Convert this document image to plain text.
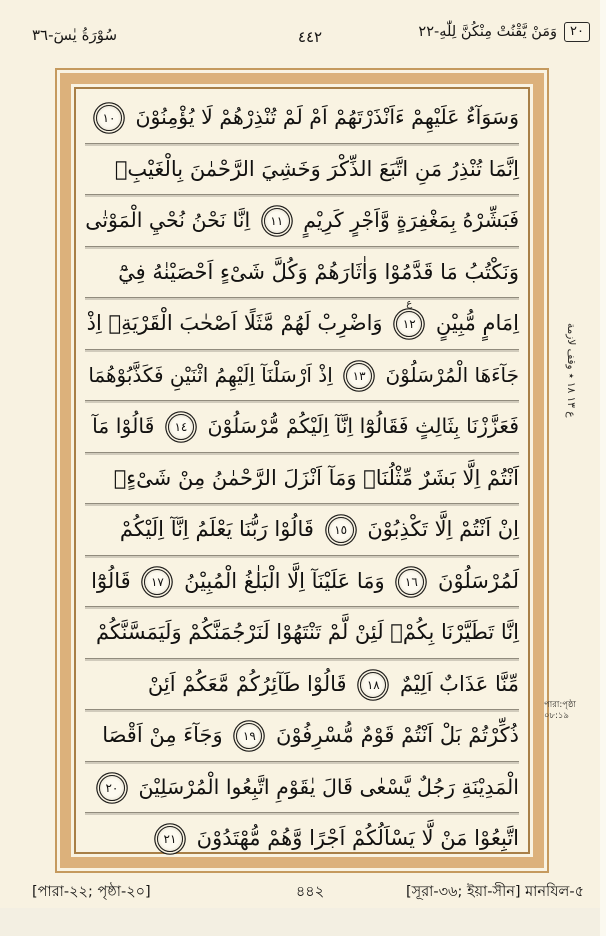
سُوْرَةُ يٰسٓ-٣٦	٤٤٢	وَمَنْ يَّقْنُتْ مِنْكُنَّ لِلّٰهِ-٢٢	٢٠
وَسَوَآءٌ عَلَيْهِمْ ءَاَنْذَرْتَهُمْ اَمْ لَمْ تُنْذِرْهُمْ لَا يُؤْمِنُوْنَ ١٠
اِنَّمَا تُنْذِرُ مَنِ اتَّبَعَ الذِّكْرَ وَخَشِيَ الرَّحْمٰنَ بِالْغَيْبِۚ
فَبَشِّرْهُ بِمَغْفِرَةٍ وَّاَجْرٍ كَرِيْمٍ ١١ اِنَّا نَحْنُ نُحْيِ الْمَوْتٰى
وَنَكْتُبُ مَا قَدَّمُوْا وَاٰثَارَهُمْ وَكُلَّ شَىْءٍ اَحْصَيْنٰهُ فِيْٓ
اِمَامٍ مُّبِيْنٍ ١٢
ع
وَاضْرِبْ لَهُمْ مَّثَلًا اَصْحٰبَ الْقَرْيَةِۘ اِذْ
جَآءَهَا الْمُرْسَلُوْنَ ١٣ اِذْ اَرْسَلْنَآ اِلَيْهِمُ اثْنَيْنِ فَكَذَّبُوْهُمَا
فَعَزَّزْنَا بِثَالِثٍ فَقَالُوْٓا اِنَّآ اِلَيْكُمْ مُّرْسَلُوْنَ ١٤ قَالُوْا مَآ
اَنْتُمْ اِلَّا بَشَرٌ مِّثْلُنَاۙ وَمَآ اَنْزَلَ الرَّحْمٰنُ مِنْ شَىْءٍۙ
اِنْ اَنْتُمْ اِلَّا تَكْذِبُوْنَ ١٥ قَالُوْا رَبُّنَا يَعْلَمُ اِنَّآ اِلَيْكُمْ
لَمُرْسَلُوْنَ ١٦ وَمَا عَلَيْنَآ اِلَّا الْبَلٰغُ الْمُبِيْنُ ١٧ قَالُوْٓا
اِنَّا تَطَيَّرْنَا بِكُمْۚ لَئِنْ لَّمْ تَنْتَهُوْا لَنَرْجُمَنَّكُمْ وَلَيَمَسَّنَّكُمْ
مِّنَّا عَذَابٌ اَلِيْمٌ ١٨ قَالُوْا طَآئِرُكُمْ مَّعَكُمْ اَئِنْ
ذُكِّرْتُمْ بَلْ اَنْتُمْ قَوْمٌ مُّسْرِفُوْنَ ١٩ وَجَآءَ مِنْ اَقْصَا
الْمَدِيْنَةِ رَجُلٌ يَّسْعٰى قَالَ يٰقَوْمِ اتَّبِعُوا الْمُرْسَلِيْنَ ٢٠
اتَّبِعُوْا مَنْ لَّا يَسْاَلُكُمْ اَجْرًا وَّهُمْ مُّهْتَدُوْنَ ٢١
ع ١٣ ١٨ ٭ وقف لازمة
পারা:পৃষ্ঠা
০৮:১৯
[পারা-২২; পৃষ্ঠা-২০]	৪৪২	[সূরা-৩৬; ইয়া-সীন] মানযিল-৫
